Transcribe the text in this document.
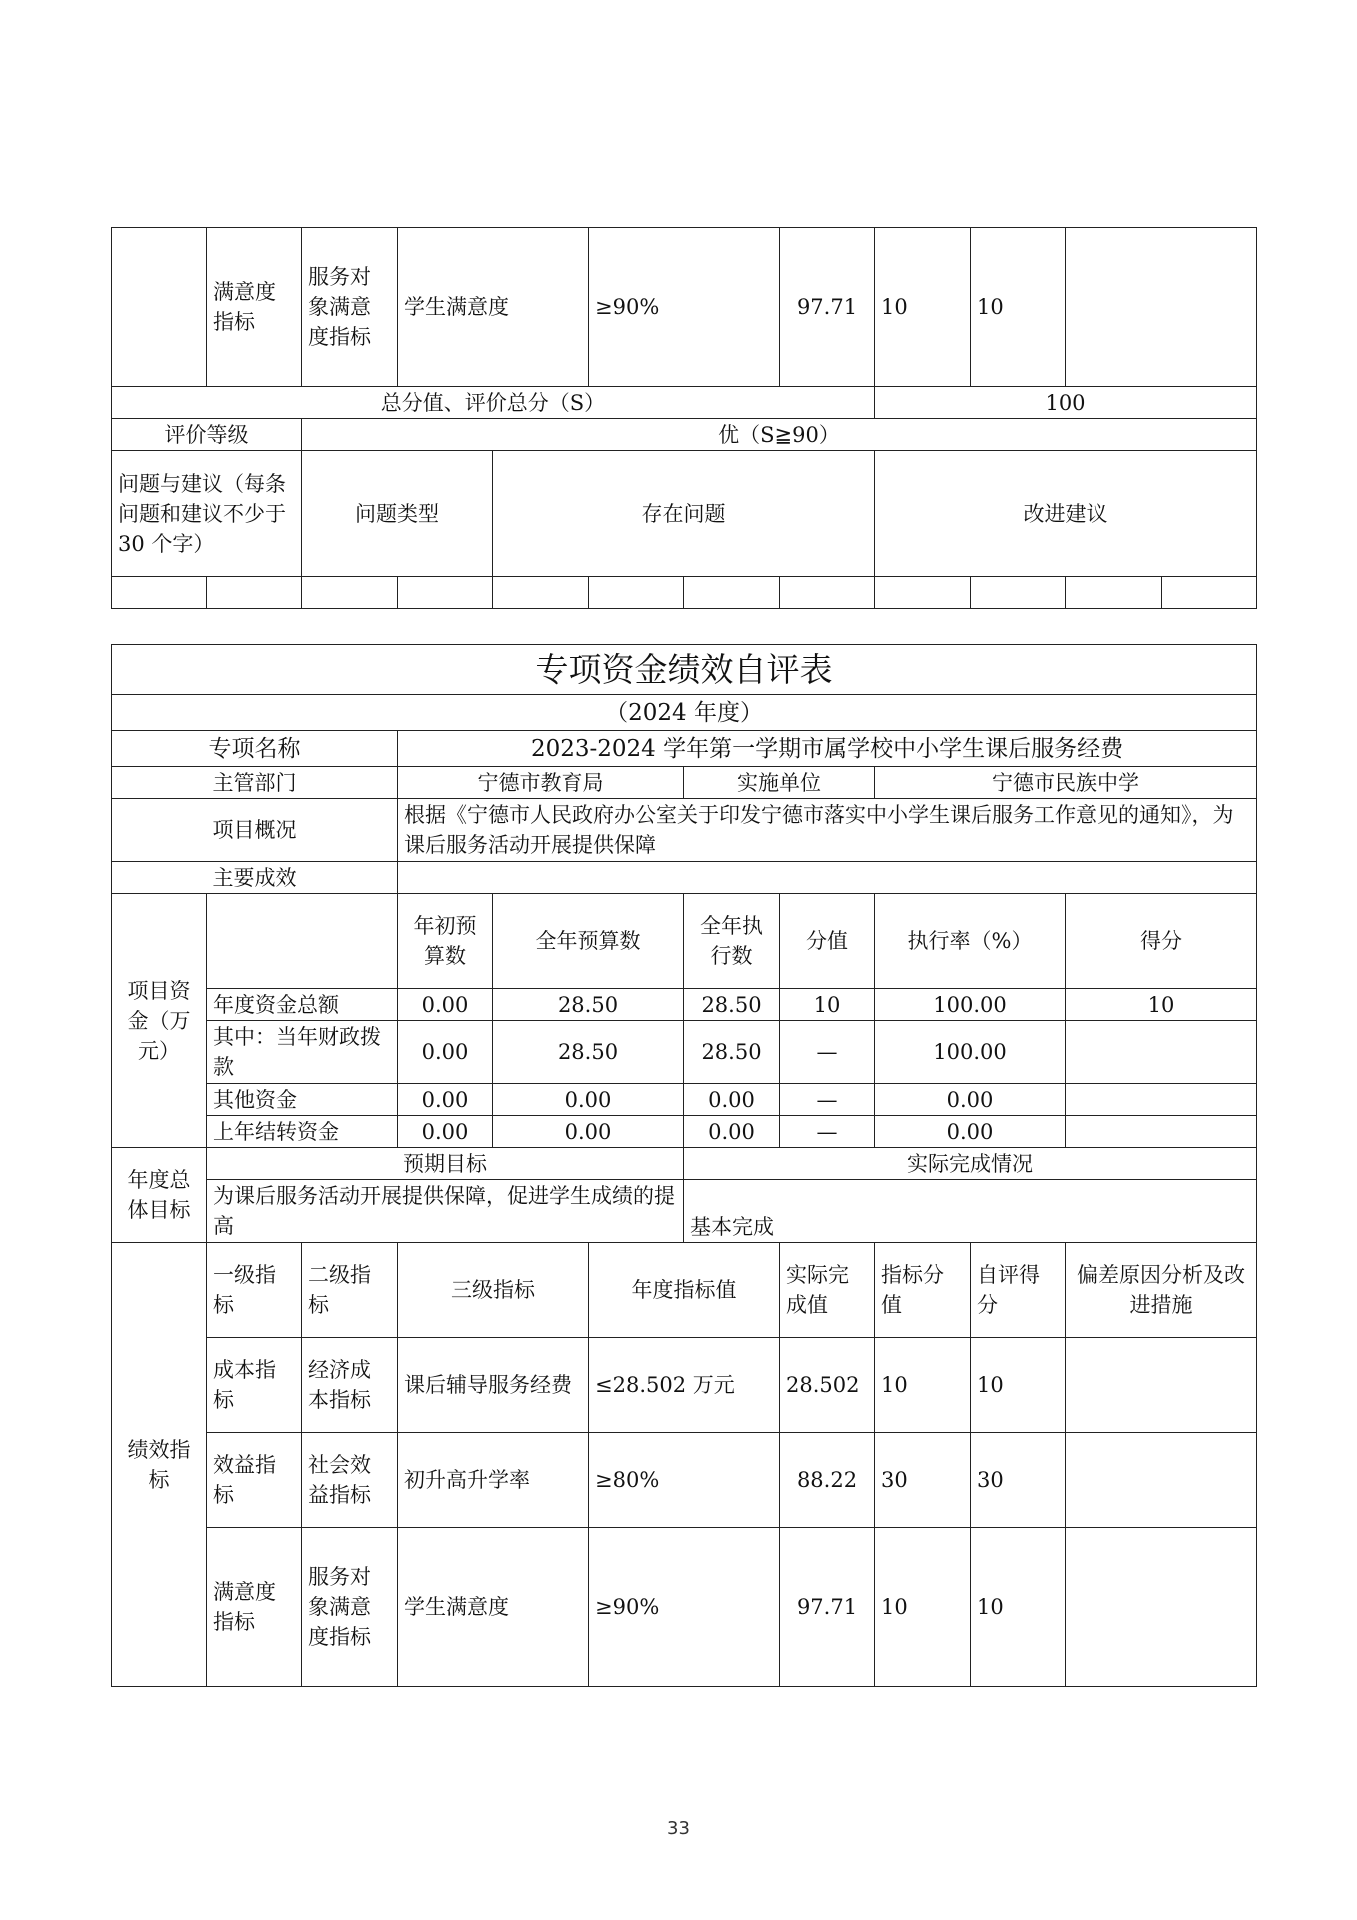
	满意度指标	服务对象满意度指标	学生满意度		≥90%		97.71	10	10		
总分值、评价总分（S）								100			
评价等级		优（S≧90）									
问题与建议（每条问题和建议不少于 30 个字）		问题类型		存在问题				改进建议			

专项资金绩效自评表										
（2024 年度）										
专项名称			2023-2024 学年第一学期市属学校中小学生课后服务经费							
主管部门			宁德市教育局			实施单位		宁德市民族中学		
项目概况			根据《宁德市人民政府办公室关于印发宁德市落实中小学生课后服务工作意见的通知》，为课后服务活动开展提供保障							
主要成效										
项目资金（万元）			年初预算数	全年预算数		全年执行数	分值	执行率（%）		得分
	年度资金总额		0.00	28.50		28.50	10	100.00		10
	其中：当年财政拨款		0.00	28.50		28.50	—	100.00		
	其他资金		0.00	0.00		0.00	—	0.00		
	上年结转资金		0.00	0.00		0.00	—	0.00		
年度总体目标	预期目标					实际完成情况				
	为课后服务活动开展提供保障，促进学生成绩的提高					基本完成				
绩效指标	一级指标	二级指标	三级指标		年度指标值		实际完成值	指标分值	自评得分	偏差原因分析及改进措施
	成本指标	经济成本指标	课后辅导服务经费		≤28.502 万元		28.502	10	10	
	效益指标	社会效益指标	初升高升学率		≥80%		88.22	30	30	
	满意度指标	服务对象满意度指标	学生满意度		≥90%		97.71	10	10	
33
